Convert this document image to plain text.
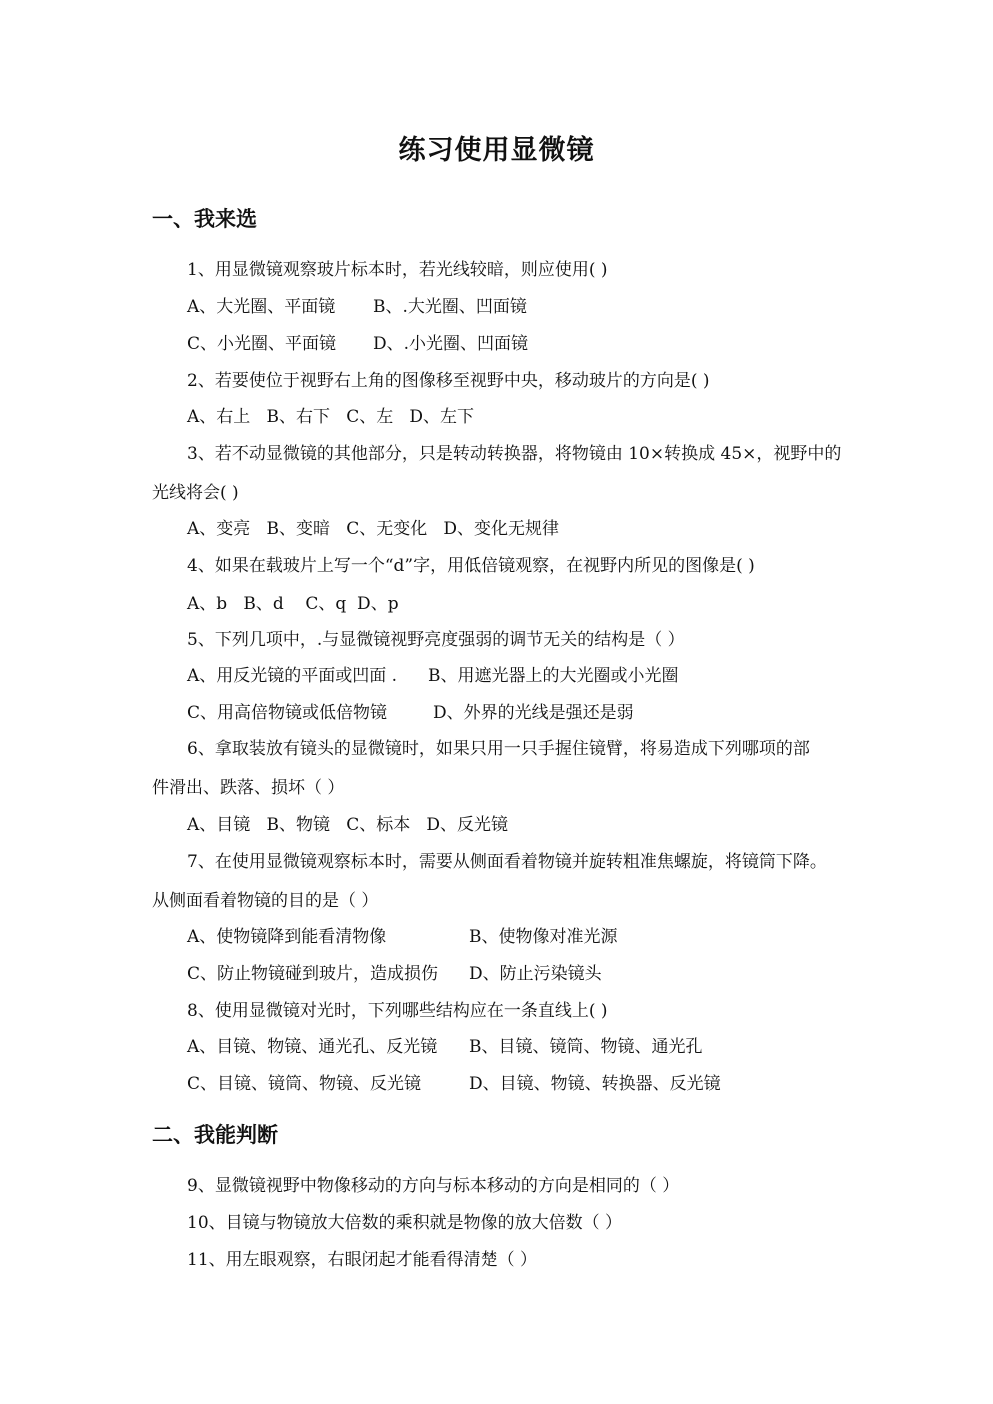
练习使用显微镜
一、我来选
1、用显微镜观察玻片标本时，若光线较暗，则应使用( )
A、大光圈、平面镜 B、.大光圈、凹面镜
C、小光圈、平面镜 D、.小光圈、凹面镜
2、若要使位于视野右上角的图像移至视野中央，移动玻片的方向是( )
A、右上   B、右下   C、左   D、左下
3、若不动显微镜的其他部分，只是转动转换器，将物镜由 10×转换成 45×，视野中的
光线将会( )
A、变亮   B、变暗   C、无变化   D、变化无规律
4、如果在载玻片上写一个“d”字，用低倍镜观察，在视野内所见的图像是( )
A、b   B、d    C、q  D、p
5、下列几项中，.与显微镜视野亮度强弱的调节无关的结构是（ ）
A、用反光镜的平面或凹面 . B、用遮光器上的大光圈或小光圈
C、用高倍物镜或低倍物镜	D、外界的光线是强还是弱
6、拿取装放有镜头的显微镜时，如果只用一只手握住镜臂，将易造成下列哪项的部
件滑出、跌落、损坏（ ）
A、目镜   B、物镜   C、标本   D、反光镜
7、在使用显微镜观察标本时，需要从侧面看着物镜并旋转粗准焦螺旋，将镜筒下降。
从侧面看着物镜的目的是（ ）
A、使物镜降到能看清物像	B、使物像对准光源
C、防止物镜碰到玻片，造成损伤 D、防止污染镜头
8、使用显微镜对光时，下列哪些结构应在一条直线上( )
A、目镜、物镜、通光孔、反光镜 B、目镜、镜筒、物镜、通光孔
C、目镜、镜筒、物镜、反光镜	D、目镜、物镜、转换器、反光镜
二、我能判断
9、显微镜视野中物像移动的方向与标本移动的方向是相同的（ ）
10、目镜与物镜放大倍数的乘积就是物像的放大倍数（ ）
11、用左眼观察，右眼闭起才能看得清楚（ ）
